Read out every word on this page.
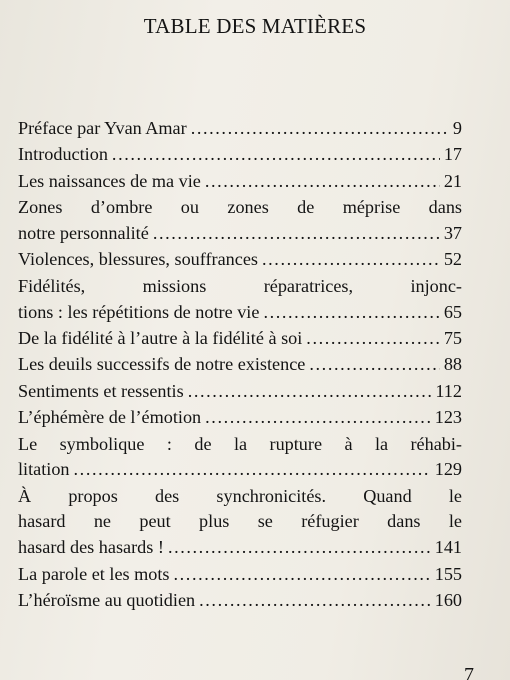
TABLE DES MATIÈRES
Préface par Yvan Amar .....	9
Introduction .....	17
Les naissances de ma vie .....	21
Zones d’ombre ou zones de méprise dans
notre personnalité .....	37
Violences, blessures, souffrances .....	52
Fidélités, missions réparatrices, injonc-
tions : les répétitions de notre vie .....	65
De la fidélité à l’autre à la fidélité à soi .....	75
Les deuils successifs de notre existence .....	88
Sentiments et ressentis .....	112
L’éphémère de l’émotion .....	123
Le symbolique : de la rupture à la réhabi-
litation .....	129
À propos des synchronicités. Quand le
hasard ne peut plus se réfugier dans le
hasard des hasards ! .....	141
La parole et les mots .....	155
L’héroïsme au quotidien .....	160
7
